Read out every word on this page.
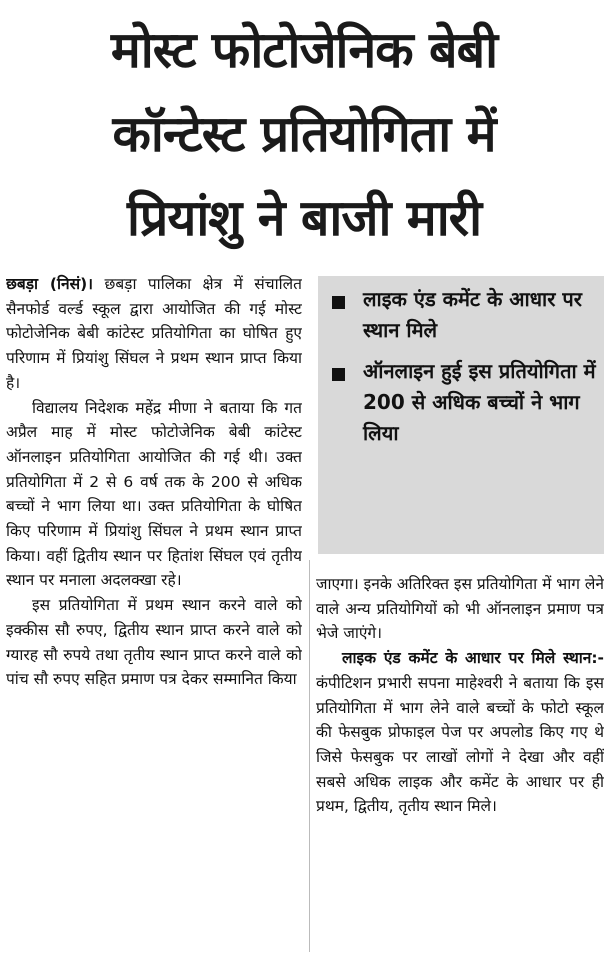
मोस्ट फोटोजेनिक बेबी
कॉन्टेस्ट प्रतियोगिता में
प्रियांशु ने बाजी मारी

छबड़ा (निसं)। छबड़ा पालिका क्षेत्र में संचालित सैनफोर्ड वर्ल्ड स्कूल द्वारा आयोजित की गई मोस्ट फोटोजेनिक बेबी कांटेस्ट प्रतियोगिता का घोषित हुए परिणाम में प्रियांशु सिंघल ने प्रथम स्थान प्राप्त किया है।

विद्यालय निदेशक महेंद्र मीणा ने बताया कि गत अप्रैल माह में मोस्ट फोटोजेनिक बेबी कांटेस्ट ऑनलाइन प्रतियोगिता आयोजित की गई थी। उक्त प्रतियोगिता में 2 से 6 वर्ष तक के 200 से अधिक बच्चों ने भाग लिया था। उक्त प्रतियोगिता के घोषित किए परिणाम में प्रियांशु सिंघल ने प्रथम स्थान प्राप्त किया। वहीं द्वितीय स्थान पर हितांश सिंघल एवं तृतीय स्थान पर मनाला अदलक्खा रहे।

इस प्रतियोगिता में प्रथम स्थान करने वाले को इक्कीस सौ रुपए, द्वितीय स्थान प्राप्त करने वाले को ग्यारह सौ रुपये तथा तृतीय स्थान प्राप्त करने वाले को पांच सौ रुपए सहित प्रमाण पत्र देकर सम्मानित किया

लाइक एंड कमेंट के आधार पर स्थान मिले
ऑनलाइन हुई इस प्रतियोगिता में 200 से अधिक बच्चों ने भाग लिया

जाएगा। इनके अतिरिक्त इस प्रतियोगिता में भाग लेने वाले अन्य प्रतियोगियों को भी ऑनलाइन प्रमाण पत्र भेजे जाएंगे।

लाइक एंड कमेंट के आधार पर मिले स्थान:- कंपीटिशन प्रभारी सपना माहेश्वरी ने बताया कि इस प्रतियोगिता में भाग लेने वाले बच्चों के फोटो स्कूल की फेसबुक प्रोफाइल पेज पर अपलोड किए गए थे जिसे फेसबुक पर लाखों लोगों ने देखा और वहीं सबसे अधिक लाइक और कमेंट के आधार पर ही प्रथम, द्वितीय, तृतीय स्थान मिले।
